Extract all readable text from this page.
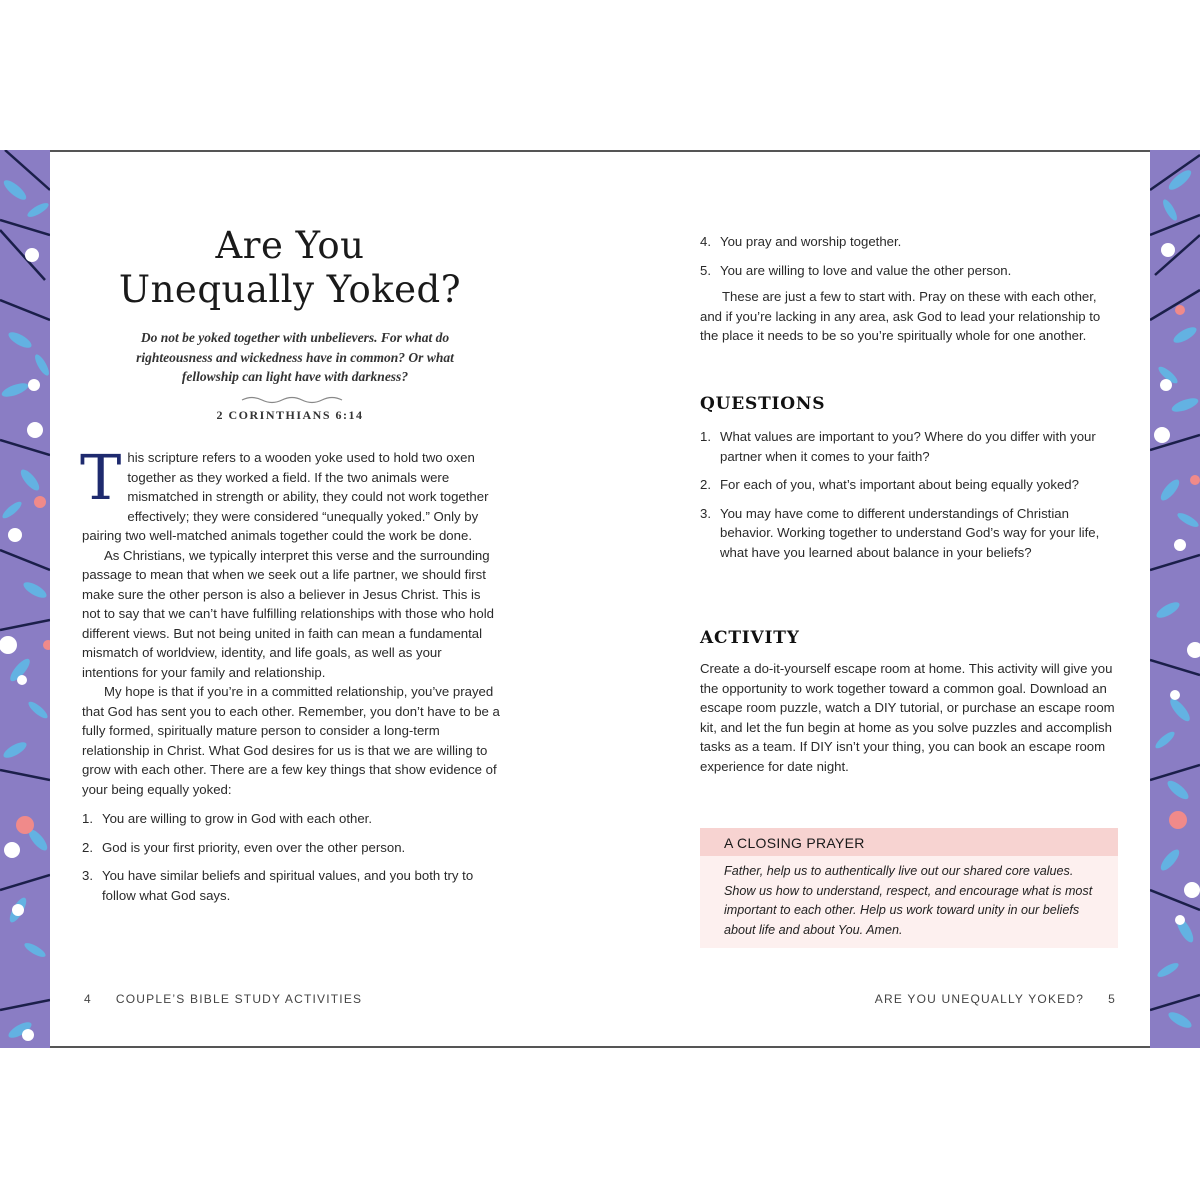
Are You
Unequally Yoked?
Do not be yoked together with unbelievers. For what do righteousness and wickedness have in common? Or what fellowship can light have with darkness?
2 CORINTHIANS 6:14

This scripture refers to a wooden yoke used to hold two oxen together as they worked a field. If the two animals were mismatched in strength or ability, they could not work together effectively; they were considered “unequally yoked.” Only by pairing two well-matched animals together could the work be done.

As Christians, we typically interpret this verse and the surrounding passage to mean that when we seek out a life partner, we should first make sure the other person is also a believer in Jesus Christ. This is not to say that we can’t have fulfilling relationships with those who hold different views. But not being united in faith can mean a fundamental mismatch of worldview, identity, and life goals, as well as your intentions for your family and relationship.

My hope is that if you’re in a committed relationship, you’ve prayed that God has sent you to each other. Remember, you don’t have to be a fully formed, spiritually mature person to consider a long-term relationship in Christ. What God desires for us is that we are willing to grow with each other. There are a few key things that show evidence of your being equally yoked:

1. You are willing to grow in God with each other.
2. God is your first priority, even over the other person.
3. You have similar beliefs and spiritual values, and you both try to follow what God says.
4 COUPLE’S BIBLE STUDY ACTIVITIES
4. You pray and worship together.
5. You are willing to love and value the other person.

These are just a few to start with. Pray on these with each other, and if you’re lacking in any area, ask God to lead your relationship to the place it needs to be so you’re spiritually whole for one another.

QUESTIONS
1. What values are important to you? Where do you differ with your partner when it comes to your faith?
2. For each of you, what’s important about being equally yoked?
3. You may have come to different understandings of Christian behavior. Working together to understand God’s way for your life, what have you learned about balance in your beliefs?
ACTIVITY

Create a do-it-yourself escape room at home. This activity will give you the opportunity to work together toward a common goal. Download an escape room puzzle, watch a DIY tutorial, or purchase an escape room kit, and let the fun begin at home as you solve puzzles and accomplish tasks as a team. If DIY isn’t your thing, you can book an escape room experience for date night.

A CLOSING PRAYER
Father, help us to authentically live out our shared core values. Show us how to understand, respect, and encourage what is most important to each other. Help us work toward unity in our beliefs about life and about You. Amen.
ARE YOU UNEQUALLY YOKED? 5
